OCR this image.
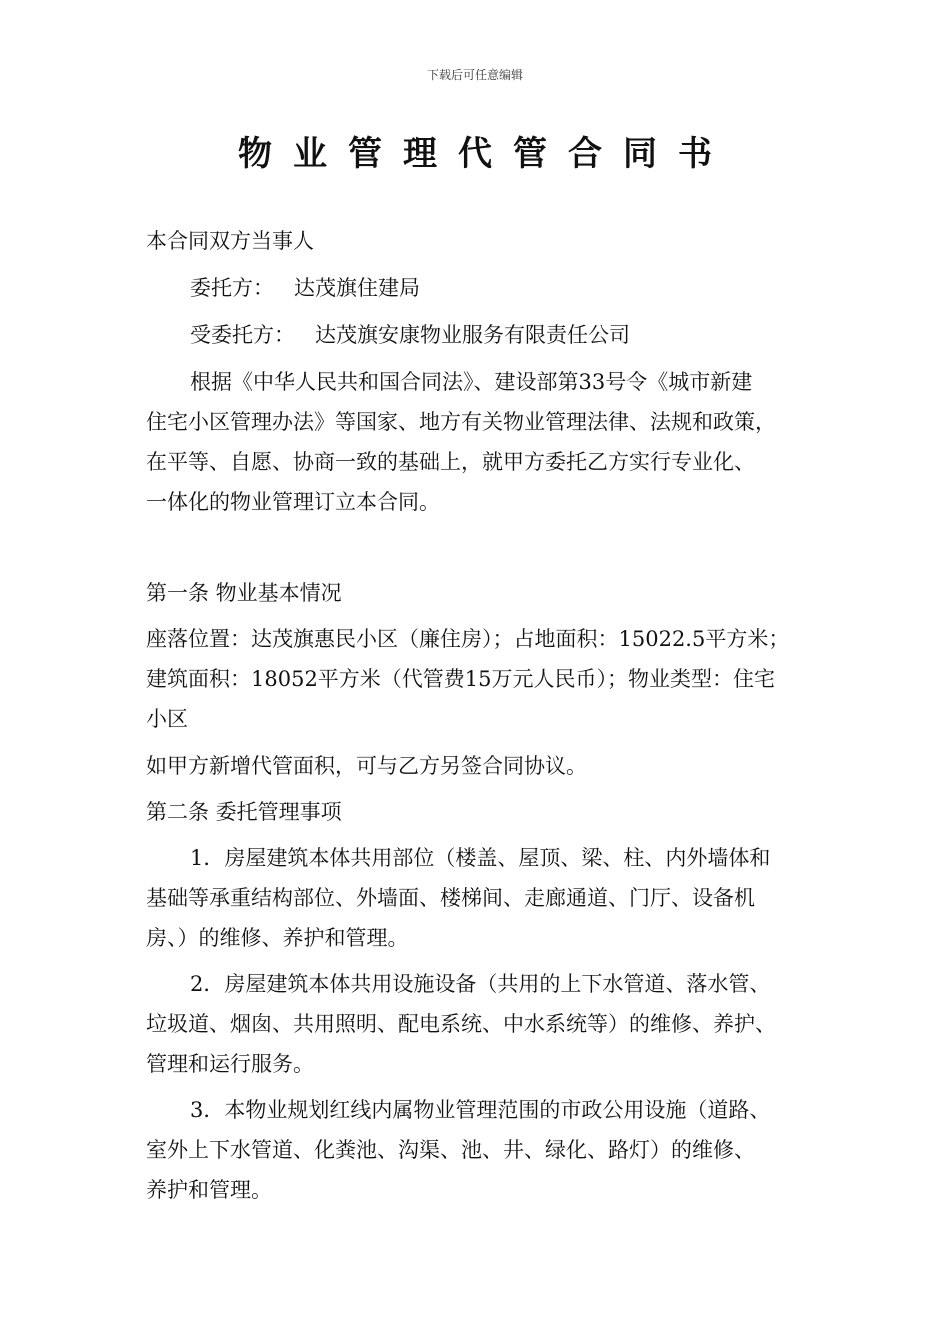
下载后可任意编辑
物业管理代管合同书
本合同双方当事人
委托方： 达茂旗住建局
受委托方： 达茂旗安康物业服务有限责任公司
根据《中华人民共和国合同法》、建设部第33号令《城市新建
住宅小区管理办法》等国家、地方有关物业管理法律、法规和政策，
在平等、自愿、协商一致的基础上，就甲方委托乙方实行专业化、
一体化的物业管理订立本合同。
第一条 物业基本情况
座落位置：达茂旗惠民小区（廉住房）；占地面积：15022.5平方米；
建筑面积：18052平方米（代管费15万元人民币）；物业类型：住宅
小区
如甲方新增代管面积，可与乙方另签合同协议。
第二条 委托管理事项
1．房屋建筑本体共用部位（楼盖、屋顶、梁、柱、内外墙体和
基础等承重结构部位、外墙面、楼梯间、走廊通道、门厅、设备机
房、）的维修、养护和管理。
2．房屋建筑本体共用设施设备（共用的上下水管道、落水管、
垃圾道、烟囱、共用照明、配电系统、中水系统等）的维修、养护、
管理和运行服务。
3．本物业规划红线内属物业管理范围的市政公用设施（道路、
室外上下水管道、化粪池、沟渠、池、井、绿化、路灯）的维修、
养护和管理。
